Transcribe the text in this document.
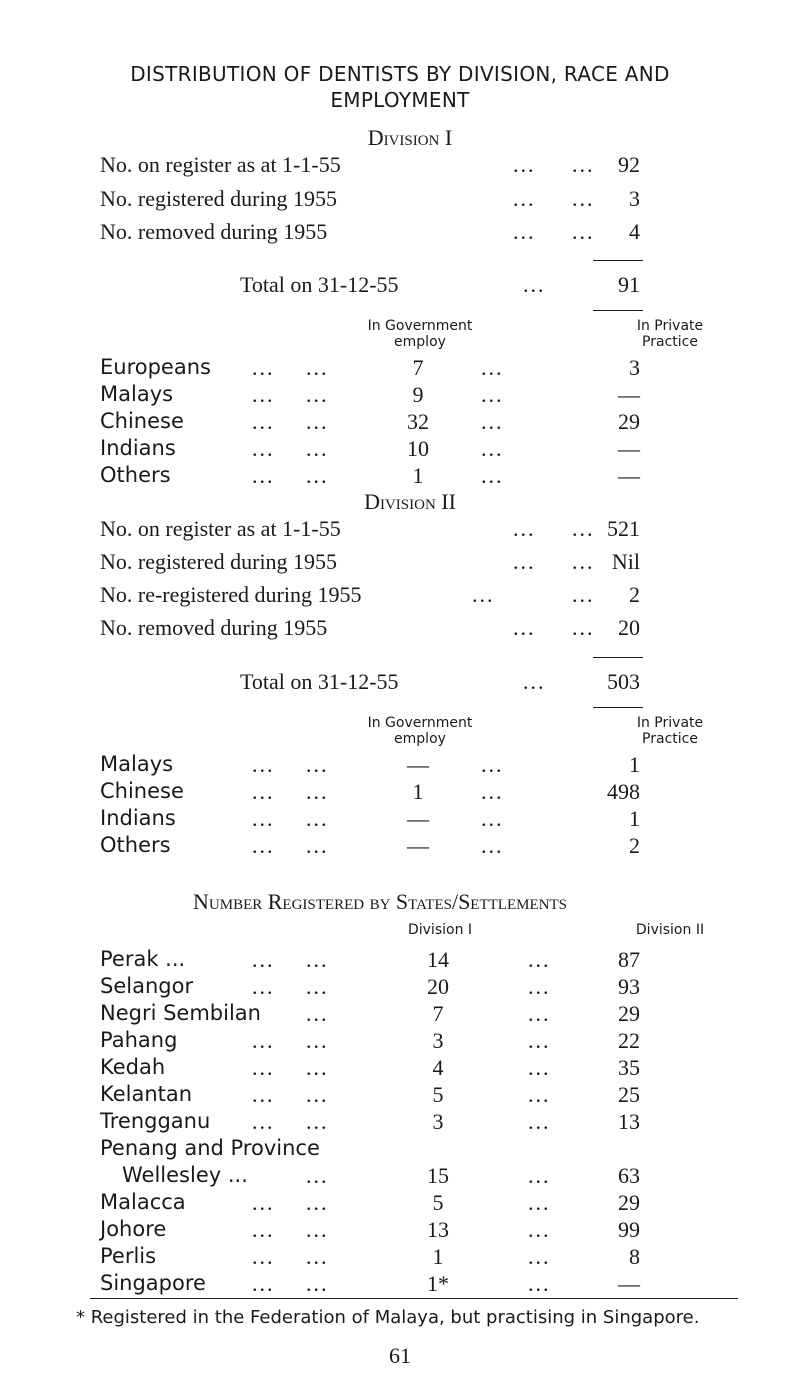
DISTRIBUTION OF DENTISTS BY DIVISION, RACE AND
EMPLOYMENT
Division I
No. on register as at 1-1-55	... ...	92
No. registered during 1955	... ...	3
No. removed during 1955	... ...	4
Total on 31-12-55	...	91
In Government
employ
In Private
Practice
Europeans ... ...	7	...	3
Malays	... ...	9	...	—
Chinese	... ...	32	...	29
Indians	... ...	10	...	—
Others	... ...	1	...	—
Division II
No. on register as at 1-1-55	... ... 521
No. registered during 1955	... ... Nil
No. re-registered during 1955	...	...	2
No. removed during 1955	... ...	20
Total on 31-12-55	...	503
In Government
employ
In Private
Practice
Malays	... ...	—	...	1
Chinese	... ...	1	...	498
Indians	... ...	—	...	1
Others	... ...	—	...	2
Number Registered by States/Settlements
Division I	Division II
Perak ...	... ...	14	...	87
Selangor	... ...	20	...	93
Negri Sembilan ...	7	...	29
Pahang	... ...	3	...	22
Kedah	... ...	4	...	35
Kelantan	... ...	5	...	25
Trengganu ... ...	3	...	13
Penang and Province
Wellesley ...	...	15	...	63
Malacca	... ...	5	...	29
Johore	... ...	13	...	99
Perlis	... ...	1	...	8
Singapore ... ...	1*	...	—
* Registered in the Federation of Malaya, but practising in Singapore.
61
